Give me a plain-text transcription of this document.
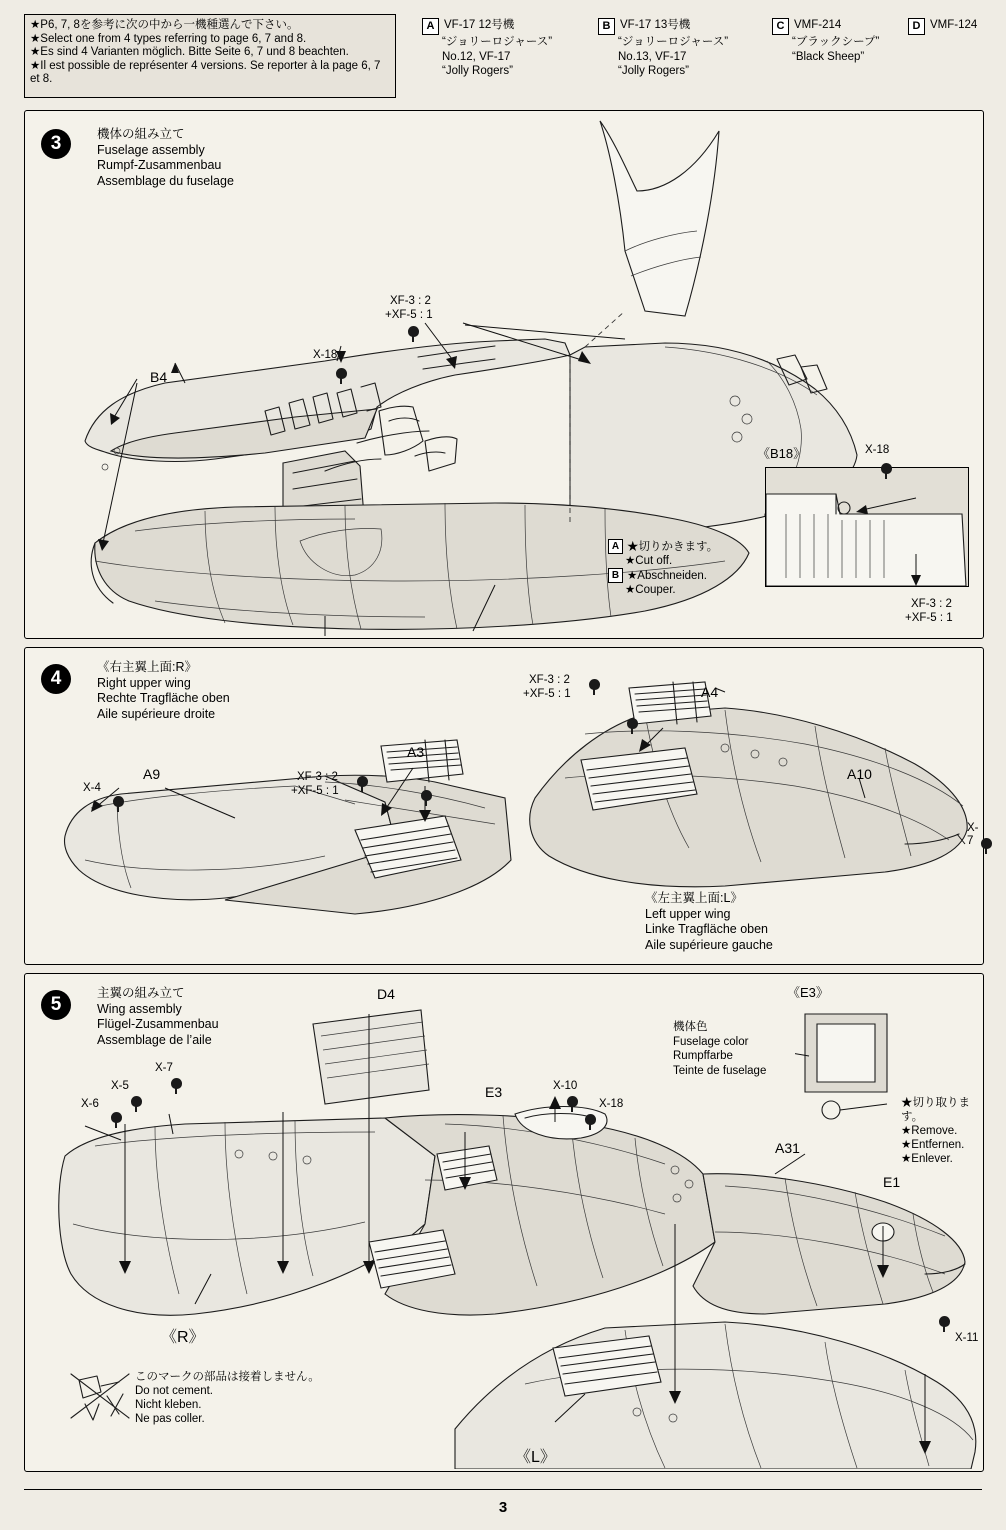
★P6, 7, 8を参考に次の中から一機種選んで下さい。
★Select one from 4 types referring to page 6, 7 and 8.
★Es sind 4 Varianten möglich. Bitte Seite 6, 7 und 8 beachten.
★Il est possible de représenter 4 versions. Se reporter à la page 6, 7 et 8.
A VF-17 12号機
“ジョリーロジャース”
No.12, VF-17
“Jolly Rogers”
B VF-17 13号機
“ジョリーロジャース”
No.13, VF-17
“Jolly Rogers”
C VMF-214
“ブラックシープ”
“Black Sheep”
D VMF-124
3	機体の組み立て
Fuselage assembly
Rumpf-Zusammenbau
Assemblage du fuselage
B4
X-18
XF-3 : 2
+XF-5 : 1
A ★切りかきます。
★Cut off.
B ★Abschneiden.
★Couper.
《B18》	X-18
XF-3 : 2
+XF-5 : 1
4
《右主翼上面:R》
Right upper wing
Rechte Tragfläche oben
Aile supérieure droite
A9
X-4
A3
XF-3 : 2
+XF-5 : 1
A4
XF-3 : 2
+XF-5 : 1
A10
X-7
《左主翼上面:L》
Left upper wing
Linke Tragfläche oben
Aile supérieure gauche
5
主翼の組み立て
Wing assembly
Flügel-Zusammenbau
Assemblage de l’aile
D4
E3
A31
E1
《R》
《L》
X-5
X-6
X-7
X-10
X-18
X-11
《E3》
機体色
Fuselage color
Rumpffarbe
Teinte de fuselage
★切り取ります。
★Remove.
★Entfernen.
★Enlever.
このマークの部品は接着しません。
Do not cement.
Nicht kleben.
Ne pas coller.
3
